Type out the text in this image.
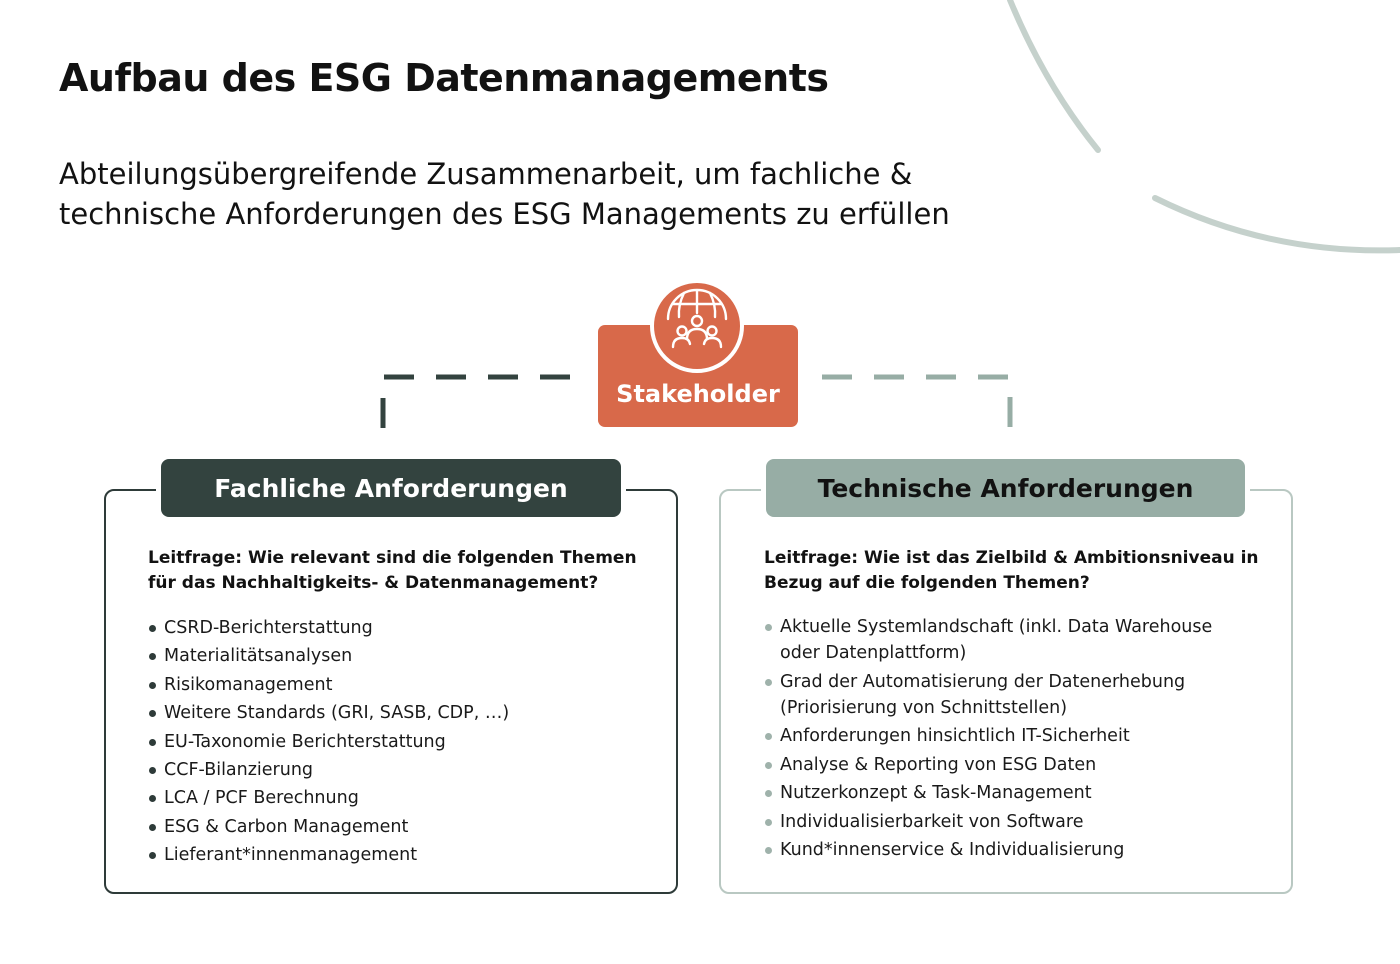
Aufbau des ESG Datenmanagements
Abteilungsübergreifende Zusammenarbeit, um fachliche &
technische Anforderungen des ESG Managements zu erfüllen
Stakeholder
Fachliche Anforderungen

Leitfrage: Wie relevant sind die folgenden Themen für das Nachhaltigkeits- & Datenmanagement?

CSRD-Berichterstattung
Materialitätsanalysen
Risikomanagement
Weitere Standards (GRI, SASB, CDP, …)
EU-Taxonomie Berichterstattung
CCF-Bilanzierung
LCA / PCF Berechnung
ESG & Carbon Management
Lieferant*innenmanagement
Technische Anforderungen

Leitfrage: Wie ist das Zielbild & Ambitionsniveau in Bezug auf die folgenden Themen?

Aktuelle Systemlandschaft (inkl. Data Warehouse oder Datenplattform)
Grad der Automatisierung der Datenerhebung (Priorisierung von Schnittstellen)
Anforderungen hinsichtlich IT-Sicherheit
Analyse & Reporting von ESG Daten
Nutzerkonzept & Task-Management
Individualisierbarkeit von Software
Kund*innenservice & Individualisierung
